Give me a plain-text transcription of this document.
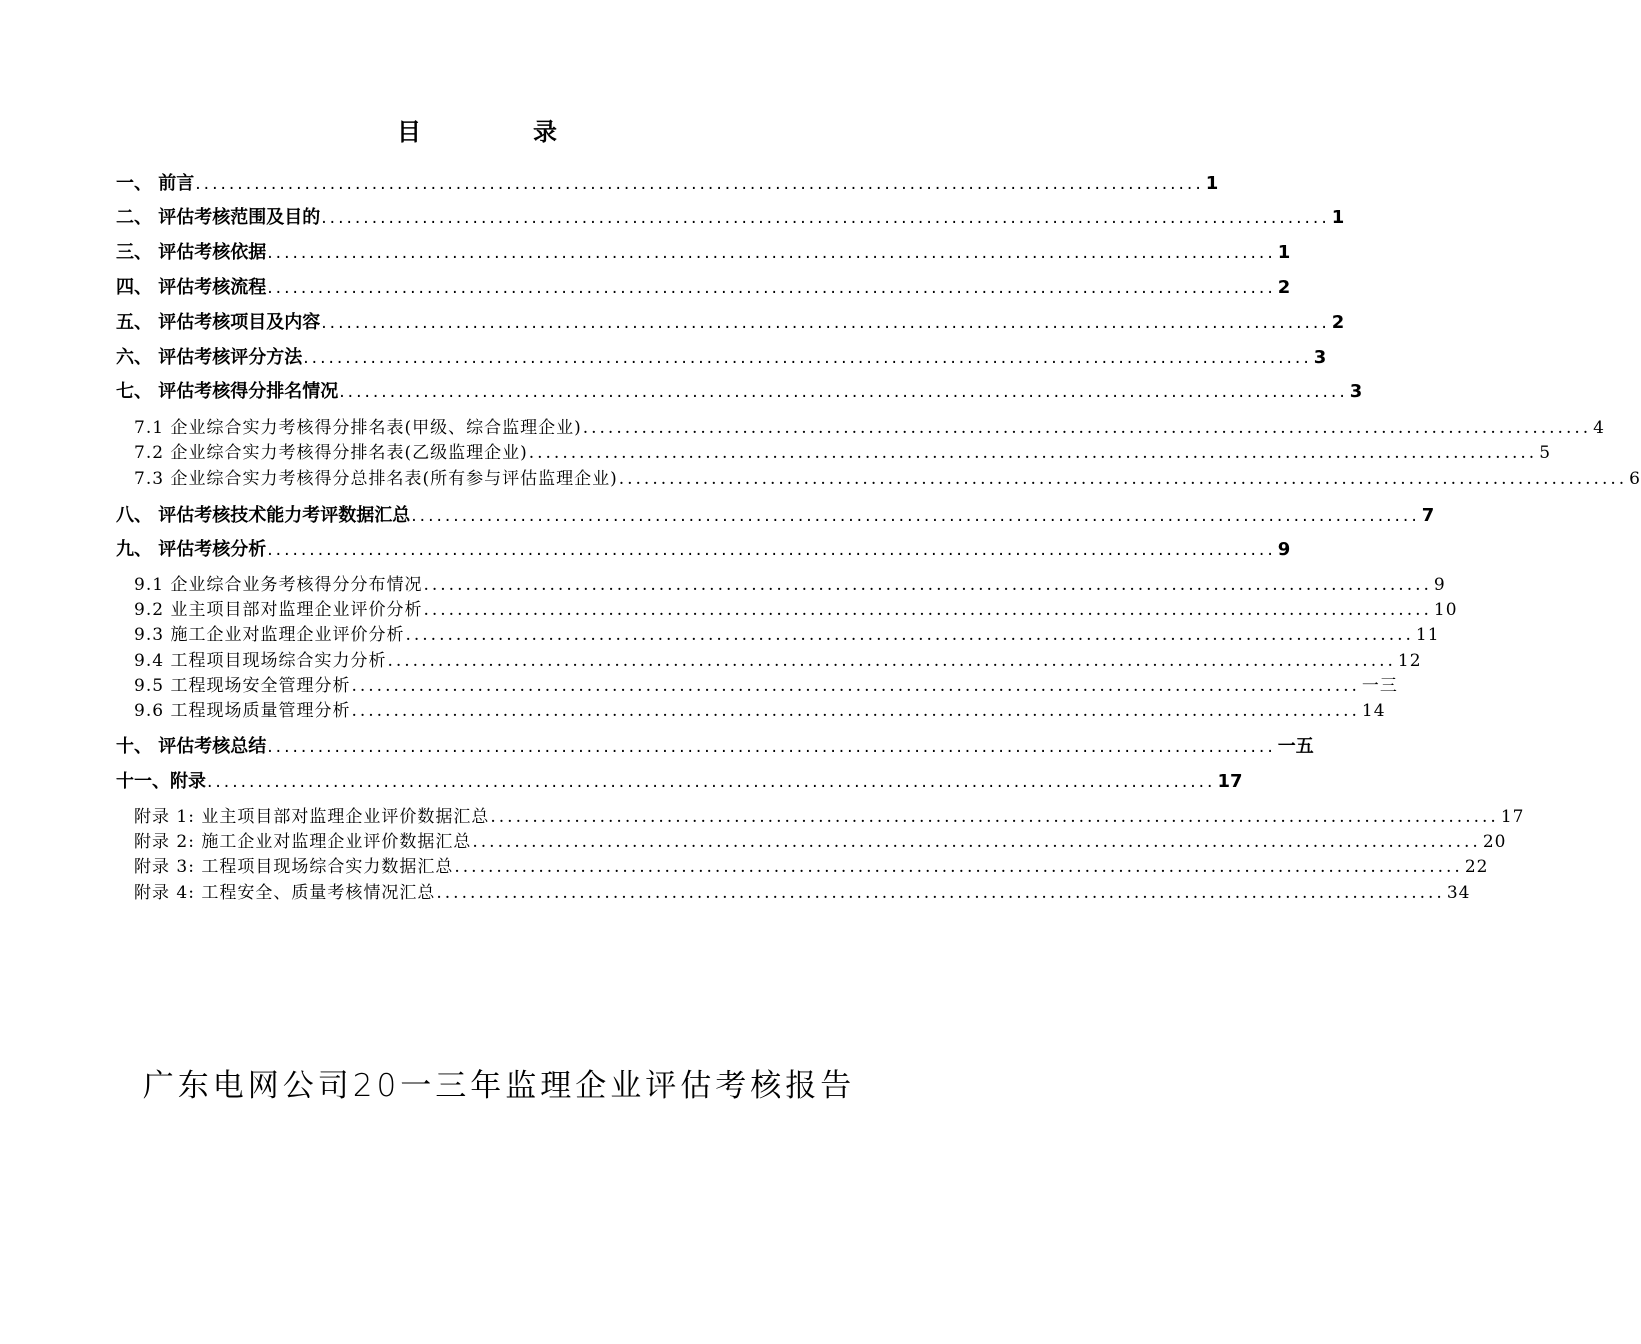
目　录
一、 前言 ........................................................................................................................ 1
二、 评估考核范围及目的 ........................................................................................................................ 1
三、 评估考核依据 ........................................................................................................................ 1
四、 评估考核流程 ........................................................................................................................ 2
五、 评估考核项目及内容 ........................................................................................................................ 2
六、 评估考核评分方法 ........................................................................................................................ 3
七、 评估考核得分排名情况 ........................................................................................................................ 3
7.1 企业综合实力考核得分排名表(甲级、综合监理企业) ........................................................................................................................ 4
7.2 企业综合实力考核得分排名表(乙级监理企业) ........................................................................................................................ 5
7.3 企业综合实力考核得分总排名表(所有参与评估监理企业) ........................................................................................................................ 6
八、 评估考核技术能力考评数据汇总 ........................................................................................................................ 7
九、 评估考核分析 ........................................................................................................................ 9
9.1 企业综合业务考核得分分布情况 ........................................................................................................................ 9
9.2 业主项目部对监理企业评价分析 ........................................................................................................................ 10
9.3 施工企业对监理企业评价分析 ........................................................................................................................ 11
9.4 工程项目现场综合实力分析 ........................................................................................................................ 12
9.5 工程现场安全管理分析 ........................................................................................................................ 一三
9.6 工程现场质量管理分析 ........................................................................................................................ 14
十、 评估考核总结 ........................................................................................................................ 一五
十一、附录 ........................................................................................................................ 17
附录 1: 业主项目部对监理企业评价数据汇总 ........................................................................................................................ 17
附录 2: 施工企业对监理企业评价数据汇总 ........................................................................................................................ 20
附录 3: 工程项目现场综合实力数据汇总 ........................................................................................................................ 22
附录 4: 工程安全、质量考核情况汇总 ........................................................................................................................ 34
广东电网公司20一三年监理企业评估考核报告
